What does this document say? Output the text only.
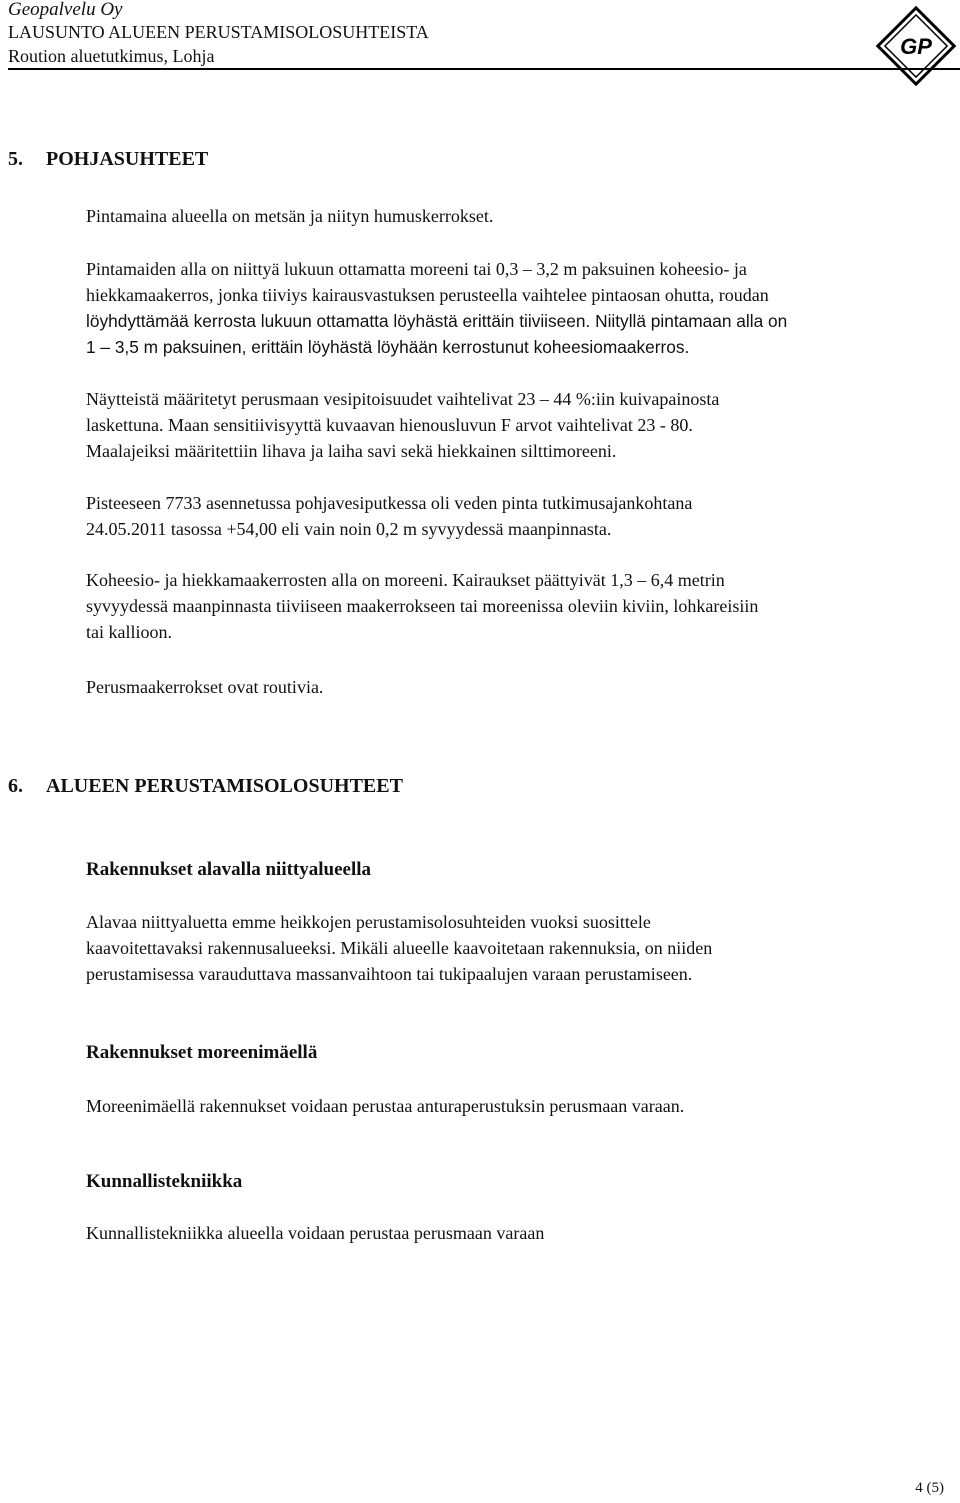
Geopalvelu Oy
LAUSUNTO ALUEEN PERUSTAMISOLOSUHTEISTA
Roution aluetutkimus, Lohja	GP
5. POHJASUHTEET
Pintamaina alueella on metsän ja niityn humuskerrokset.
Pintamaiden alla on niittyä lukuun ottamatta moreeni tai 0,3 – 3,2 m paksuinen koheesio- ja
hiekkamaakerros, jonka tiiviys kairausvastuksen perusteella vaihtelee pintaosan ohutta, roudan
löyhdyttämää kerrosta lukuun ottamatta löyhästä erittäin tiiviiseen. Niityllä pintamaan alla on
1 – 3,5 m paksuinen, erittäin löyhästä löyhään kerrostunut koheesiomaakerros.
Näytteistä määritetyt perusmaan vesipitoisuudet vaihtelivat 23 – 44 %:iin kuivapainosta
laskettuna. Maan sensitiivisyyttä kuvaavan hienousluvun F arvot vaihtelivat 23 - 80.
Maalajeiksi määritettiin lihava ja laiha savi sekä hiekkainen silttimoreeni.
Pisteeseen 7733 asennetussa pohjavesiputkessa oli veden pinta tutkimusajankohtana
24.05.2011 tasossa +54,00 eli vain noin 0,2 m syvyydessä maanpinnasta.
Koheesio- ja hiekkamaakerrosten alla on moreeni. Kairaukset päättyivät 1,3 – 6,4 metrin
syvyydessä maanpinnasta tiiviiseen maakerrokseen tai moreenissa oleviin kiviin, lohkareisiin
tai kallioon.
Perusmaakerrokset ovat routivia.
6. ALUEEN PERUSTAMISOLOSUHTEET
Rakennukset alavalla niittyalueella
Alavaa niittyaluetta emme heikkojen perustamisolosuhteiden vuoksi suosittele
kaavoitettavaksi rakennusalueeksi. Mikäli alueelle kaavoitetaan rakennuksia, on niiden
perustamisessa varauduttava massanvaihtoon tai tukipaalujen varaan perustamiseen.
Rakennukset moreenimäellä
Moreenimäellä rakennukset voidaan perustaa anturaperustuksin perusmaan varaan.
Kunnallistekniikka
Kunnallistekniikka alueella voidaan perustaa perusmaan varaan
4 (5)
